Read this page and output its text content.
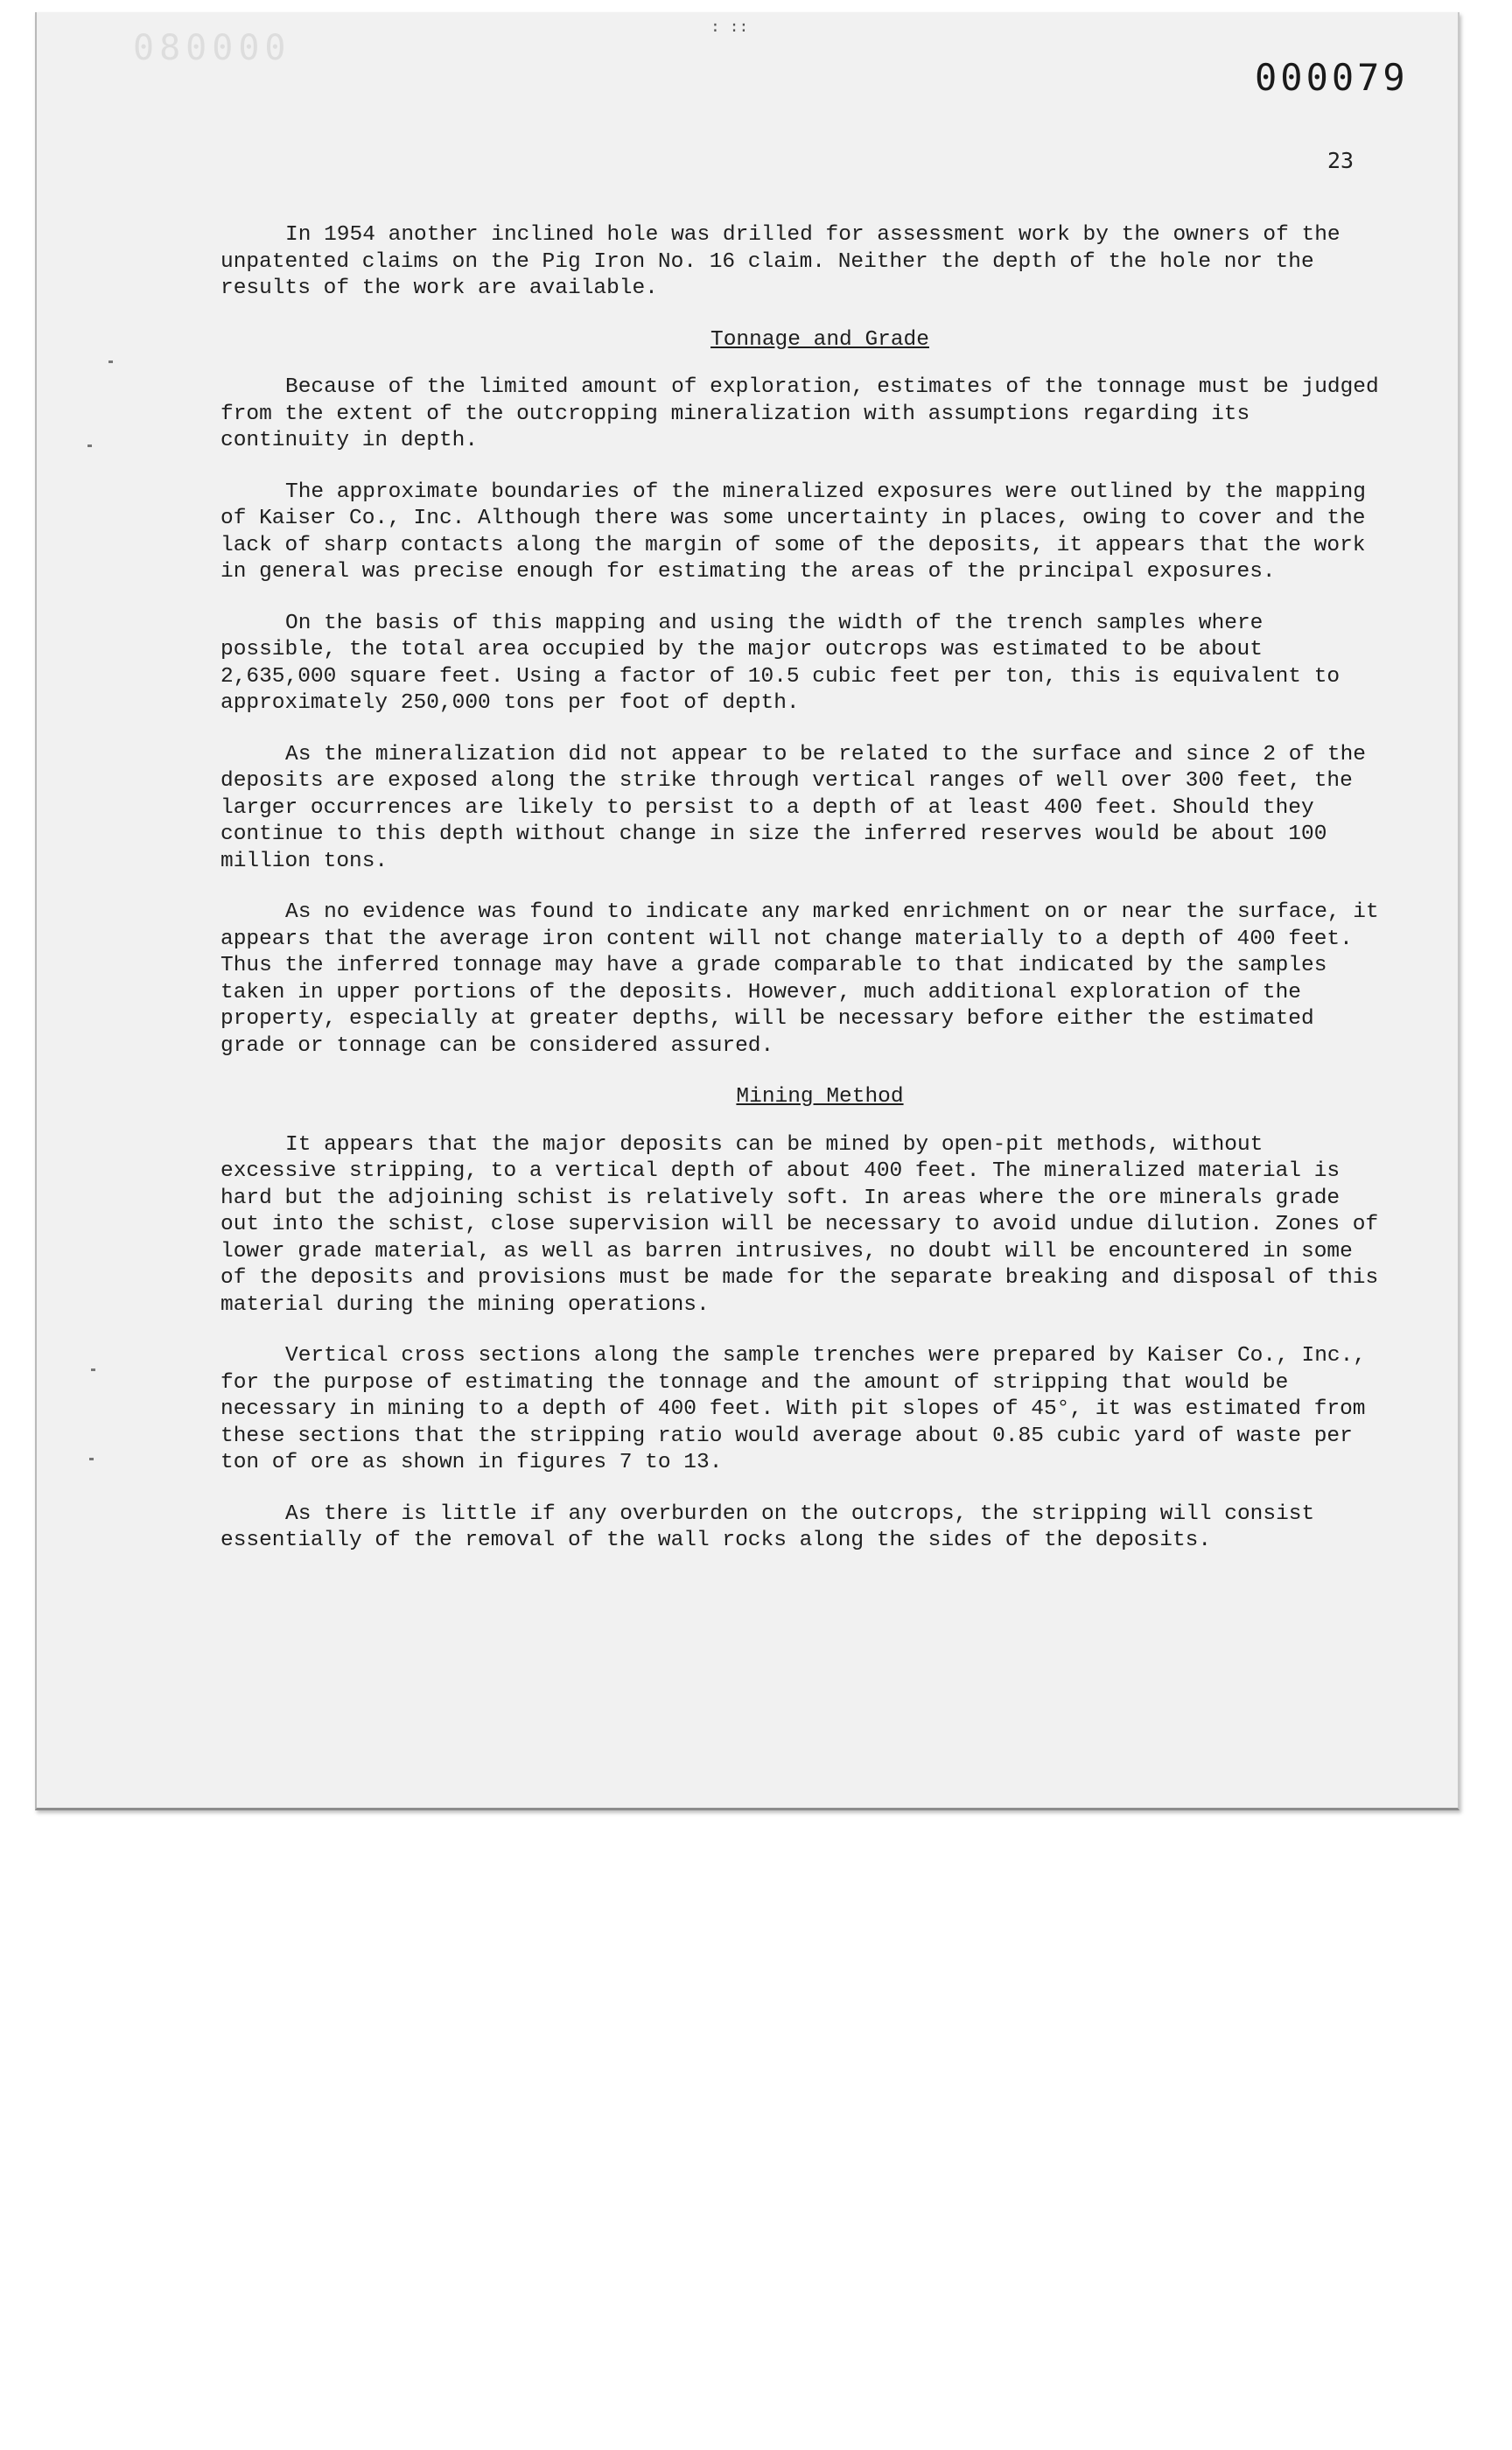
080000
: ::
000079
23

In 1954 another inclined hole was drilled for assessment work by the owners of the unpatented claims on the Pig Iron No. 16 claim. Neither the depth of the hole nor the results of the work are available.

Tonnage and Grade

Because of the limited amount of exploration, estimates of the tonnage must be judged from the extent of the outcropping mineralization with assumptions regarding its continuity in depth.

The approximate boundaries of the mineralized exposures were outlined by the mapping of Kaiser Co., Inc. Although there was some uncertainty in places, owing to cover and the lack of sharp contacts along the margin of some of the deposits, it appears that the work in general was precise enough for estimating the areas of the principal exposures.

On the basis of this mapping and using the width of the trench samples where possible, the total area occupied by the major outcrops was estimated to be about 2,635,000 square feet. Using a factor of 10.5 cubic feet per ton, this is equivalent to approximately 250,000 tons per foot of depth.

As the mineralization did not appear to be related to the surface and since 2 of the deposits are exposed along the strike through vertical ranges of well over 300 feet, the larger occurrences are likely to persist to a depth of at least 400 feet. Should they continue to this depth without change in size the inferred reserves would be about 100 million tons.

As no evidence was found to indicate any marked enrichment on or near the surface, it appears that the average iron content will not change materially to a depth of 400 feet. Thus the inferred tonnage may have a grade comparable to that indicated by the samples taken in upper portions of the deposits. However, much additional exploration of the property, especially at greater depths, will be necessary before either the estimated grade or tonnage can be considered assured.

Mining Method

It appears that the major deposits can be mined by open-pit methods, without excessive stripping, to a vertical depth of about 400 feet. The mineralized material is hard but the adjoining schist is relatively soft. In areas where the ore minerals grade out into the schist, close supervision will be necessary to avoid undue dilution. Zones of lower grade material, as well as barren intrusives, no doubt will be encountered in some of the deposits and provisions must be made for the separate breaking and disposal of this material during the mining operations.

Vertical cross sections along the sample trenches were prepared by Kaiser Co., Inc., for the purpose of estimating the tonnage and the amount of stripping that would be necessary in mining to a depth of 400 feet. With pit slopes of 45°, it was estimated from these sections that the stripping ratio would average about 0.85 cubic yard of waste per ton of ore as shown in figures 7 to 13.

As there is little if any overburden on the outcrops, the stripping will consist essentially of the removal of the wall rocks along the sides of the deposits.
